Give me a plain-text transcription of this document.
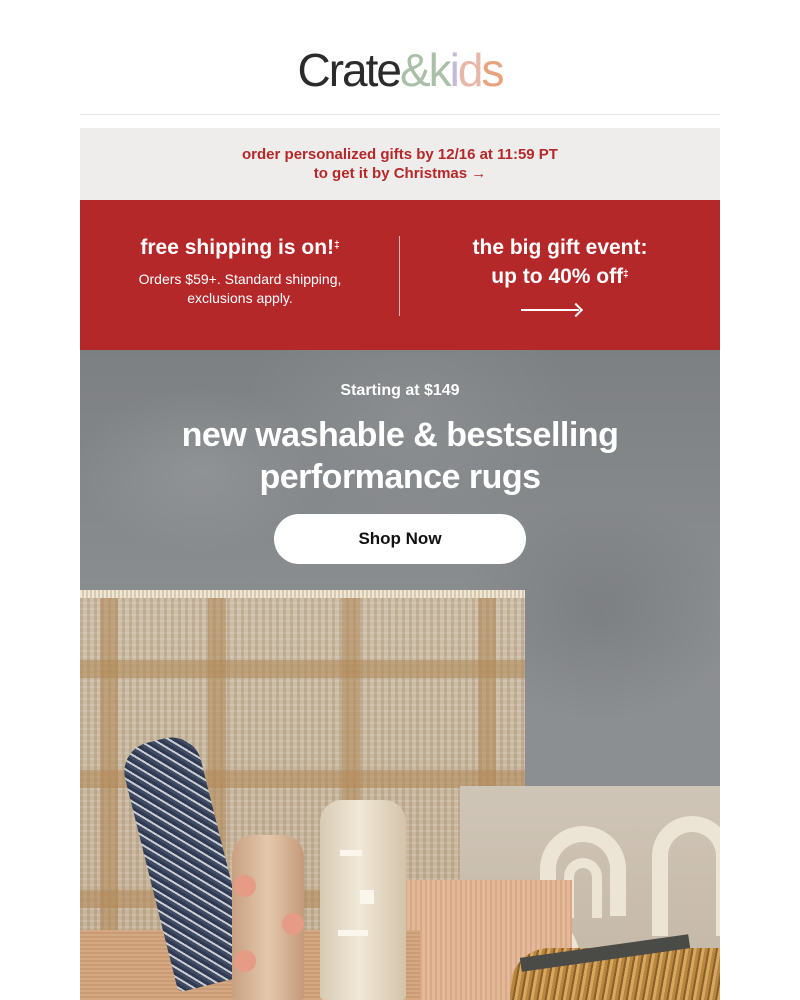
Crate&kids
order personalized gifts by 12/16 at 11:59 PT
to get it by Christmas →
free shipping is on!‡
Orders $59+. Standard shipping,
exclusions apply.
the big gift event:
up to 40% off‡
Starting at $149
new washable & bestselling
performance rugs
Shop Now
